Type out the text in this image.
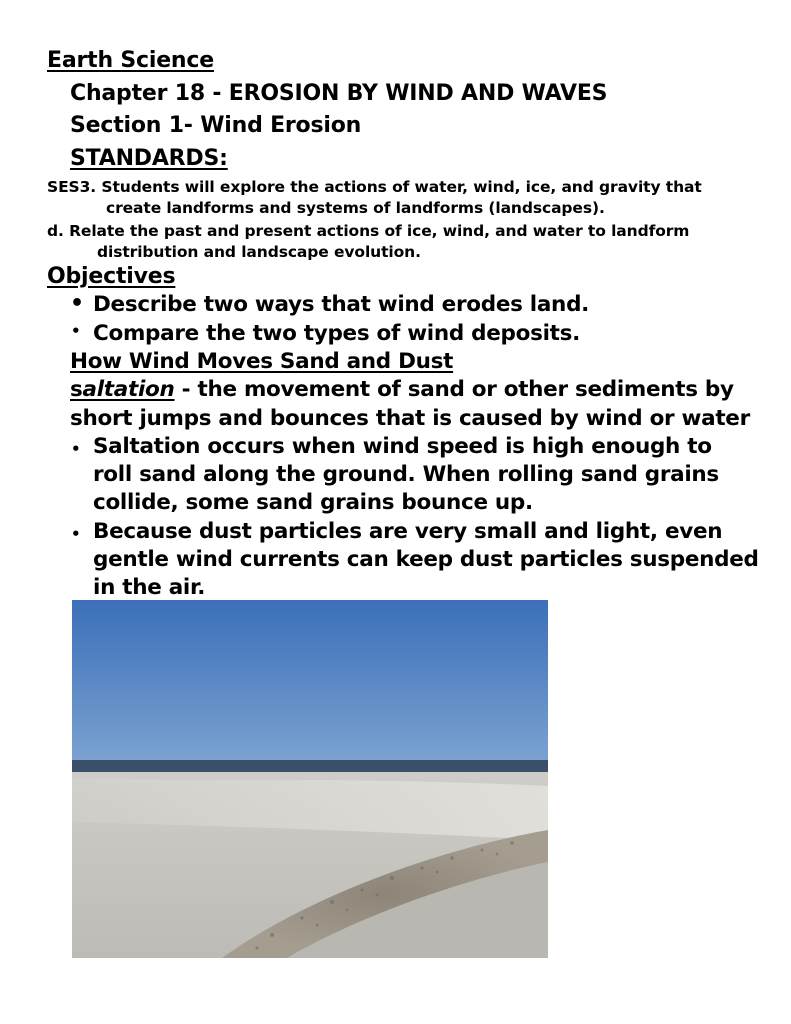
Earth Science
Chapter 18 - EROSION BY WIND AND WAVES
Section 1- Wind Erosion
STANDARDS:
SES3. Students will explore the actions of water, wind, ice, and gravity that
create landforms and systems of landforms (landscapes).
d. Relate the past and present actions of ice, wind, and water to landform
distribution and landscape evolution.
Objectives
• Describe two ways that wind erodes land.
• Compare the two types of wind deposits.
How Wind Moves Sand and Dust
saltation - the movement of sand or other sediments by
short jumps and bounces that is caused by wind or water
• Saltation occurs when wind speed is high enough to
roll sand along the ground. When rolling sand grains
collide, some sand grains bounce up.
• Because dust particles are very small and light, even
gentle wind currents can keep dust particles suspended
in the air.
